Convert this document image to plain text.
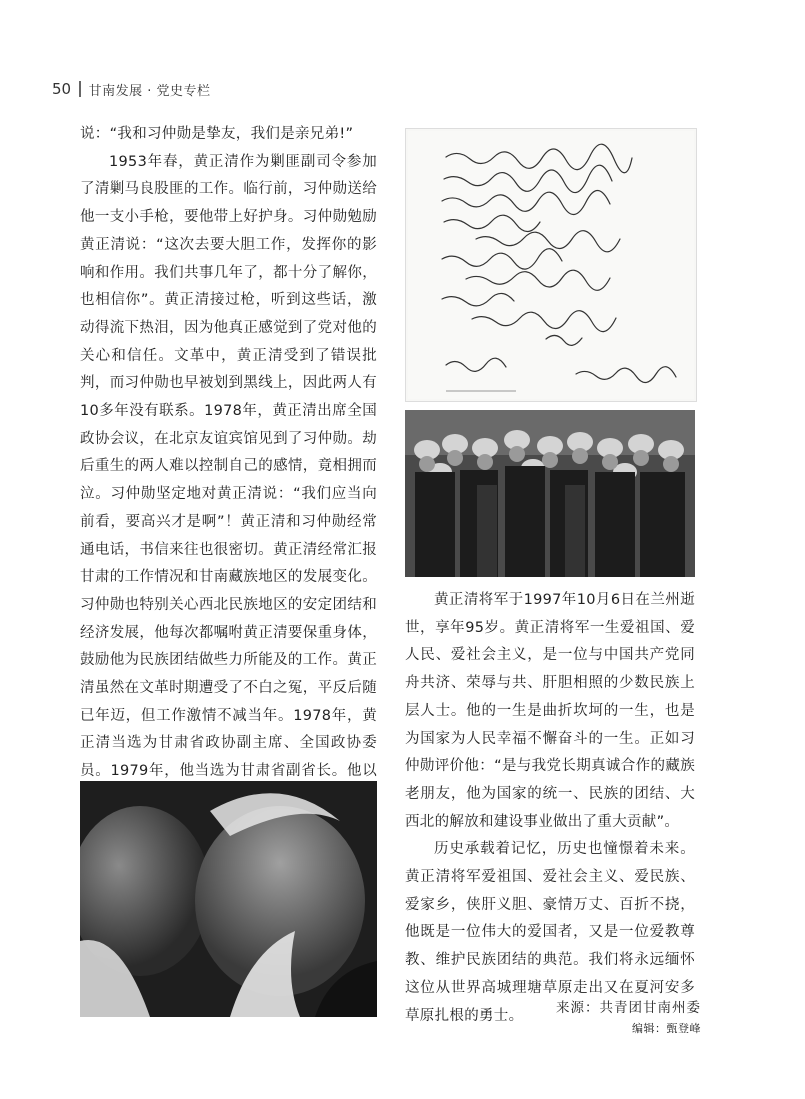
50 甘南发展 · 党史专栏

说：“我和习仲勋是挚友，我们是亲兄弟!”

1953年春，黄正清作为剿匪副司令参加了清剿马良股匪的工作。临行前，习仲勋送给他一支小手枪，要他带上好护身。习仲勋勉励黄正清说：“这次去要大胆工作，发挥你的影响和作用。我们共事几年了，都十分了解你，也相信你”。黄正清接过枪，听到这些话，激动得流下热泪，因为他真正感觉到了党对他的关心和信任。文革中，黄正清受到了错误批判，而习仲勋也早被划到黑线上，因此两人有10多年没有联系。1978年，黄正清出席全国政协会议，在北京友谊宾馆见到了习仲勋。劫后重生的两人难以控制自己的感情，竟相拥而泣。习仲勋坚定地对黄正清说：“我们应当向前看，要高兴才是啊”！黄正清和习仲勋经常通电话，书信来往也很密切。黄正清经常汇报甘肃的工作情况和甘南藏族地区的发展变化。习仲勋也特别关心西北民族地区的安定团结和经济发展，他每次都嘱咐黄正清要保重身体，鼓励他为民族团结做些力所能及的工作。黄正清虽然在文革时期遭受了不白之冤，平反后随已年迈，但工作激情不减当年。1978年，黄正清当选为甘肃省政协副主席、全国政协委员。1979年，他当选为甘肃省副省长。他以

黄正清将军于1997年10月6日在兰州逝世，享年95岁。黄正清将军一生爱祖国、爱人民、爱社会主义，是一位与中国共产党同舟共济、荣辱与共、肝胆相照的少数民族上层人士。他的一生是曲折坎坷的一生，也是为国家为人民幸福不懈奋斗的一生。正如习仲勋评价他：“是与我党长期真诚合作的藏族老朋友，他为国家的统一、民族的团结、大西北的解放和建设事业做出了重大贡献”。

历史承载着记忆，历史也憧憬着未来。黄正清将军爱祖国、爱社会主义、爱民族、爱家乡，侠肝义胆、豪情万丈、百折不挠，他既是一位伟大的爱国者，又是一位爱教尊教、维护民族团结的典范。我们将永远缅怀这位从世界高城理塘草原走出又在夏河安多草原扎根的勇士。	来源：共青团甘南州委
编辑：甄登峰
